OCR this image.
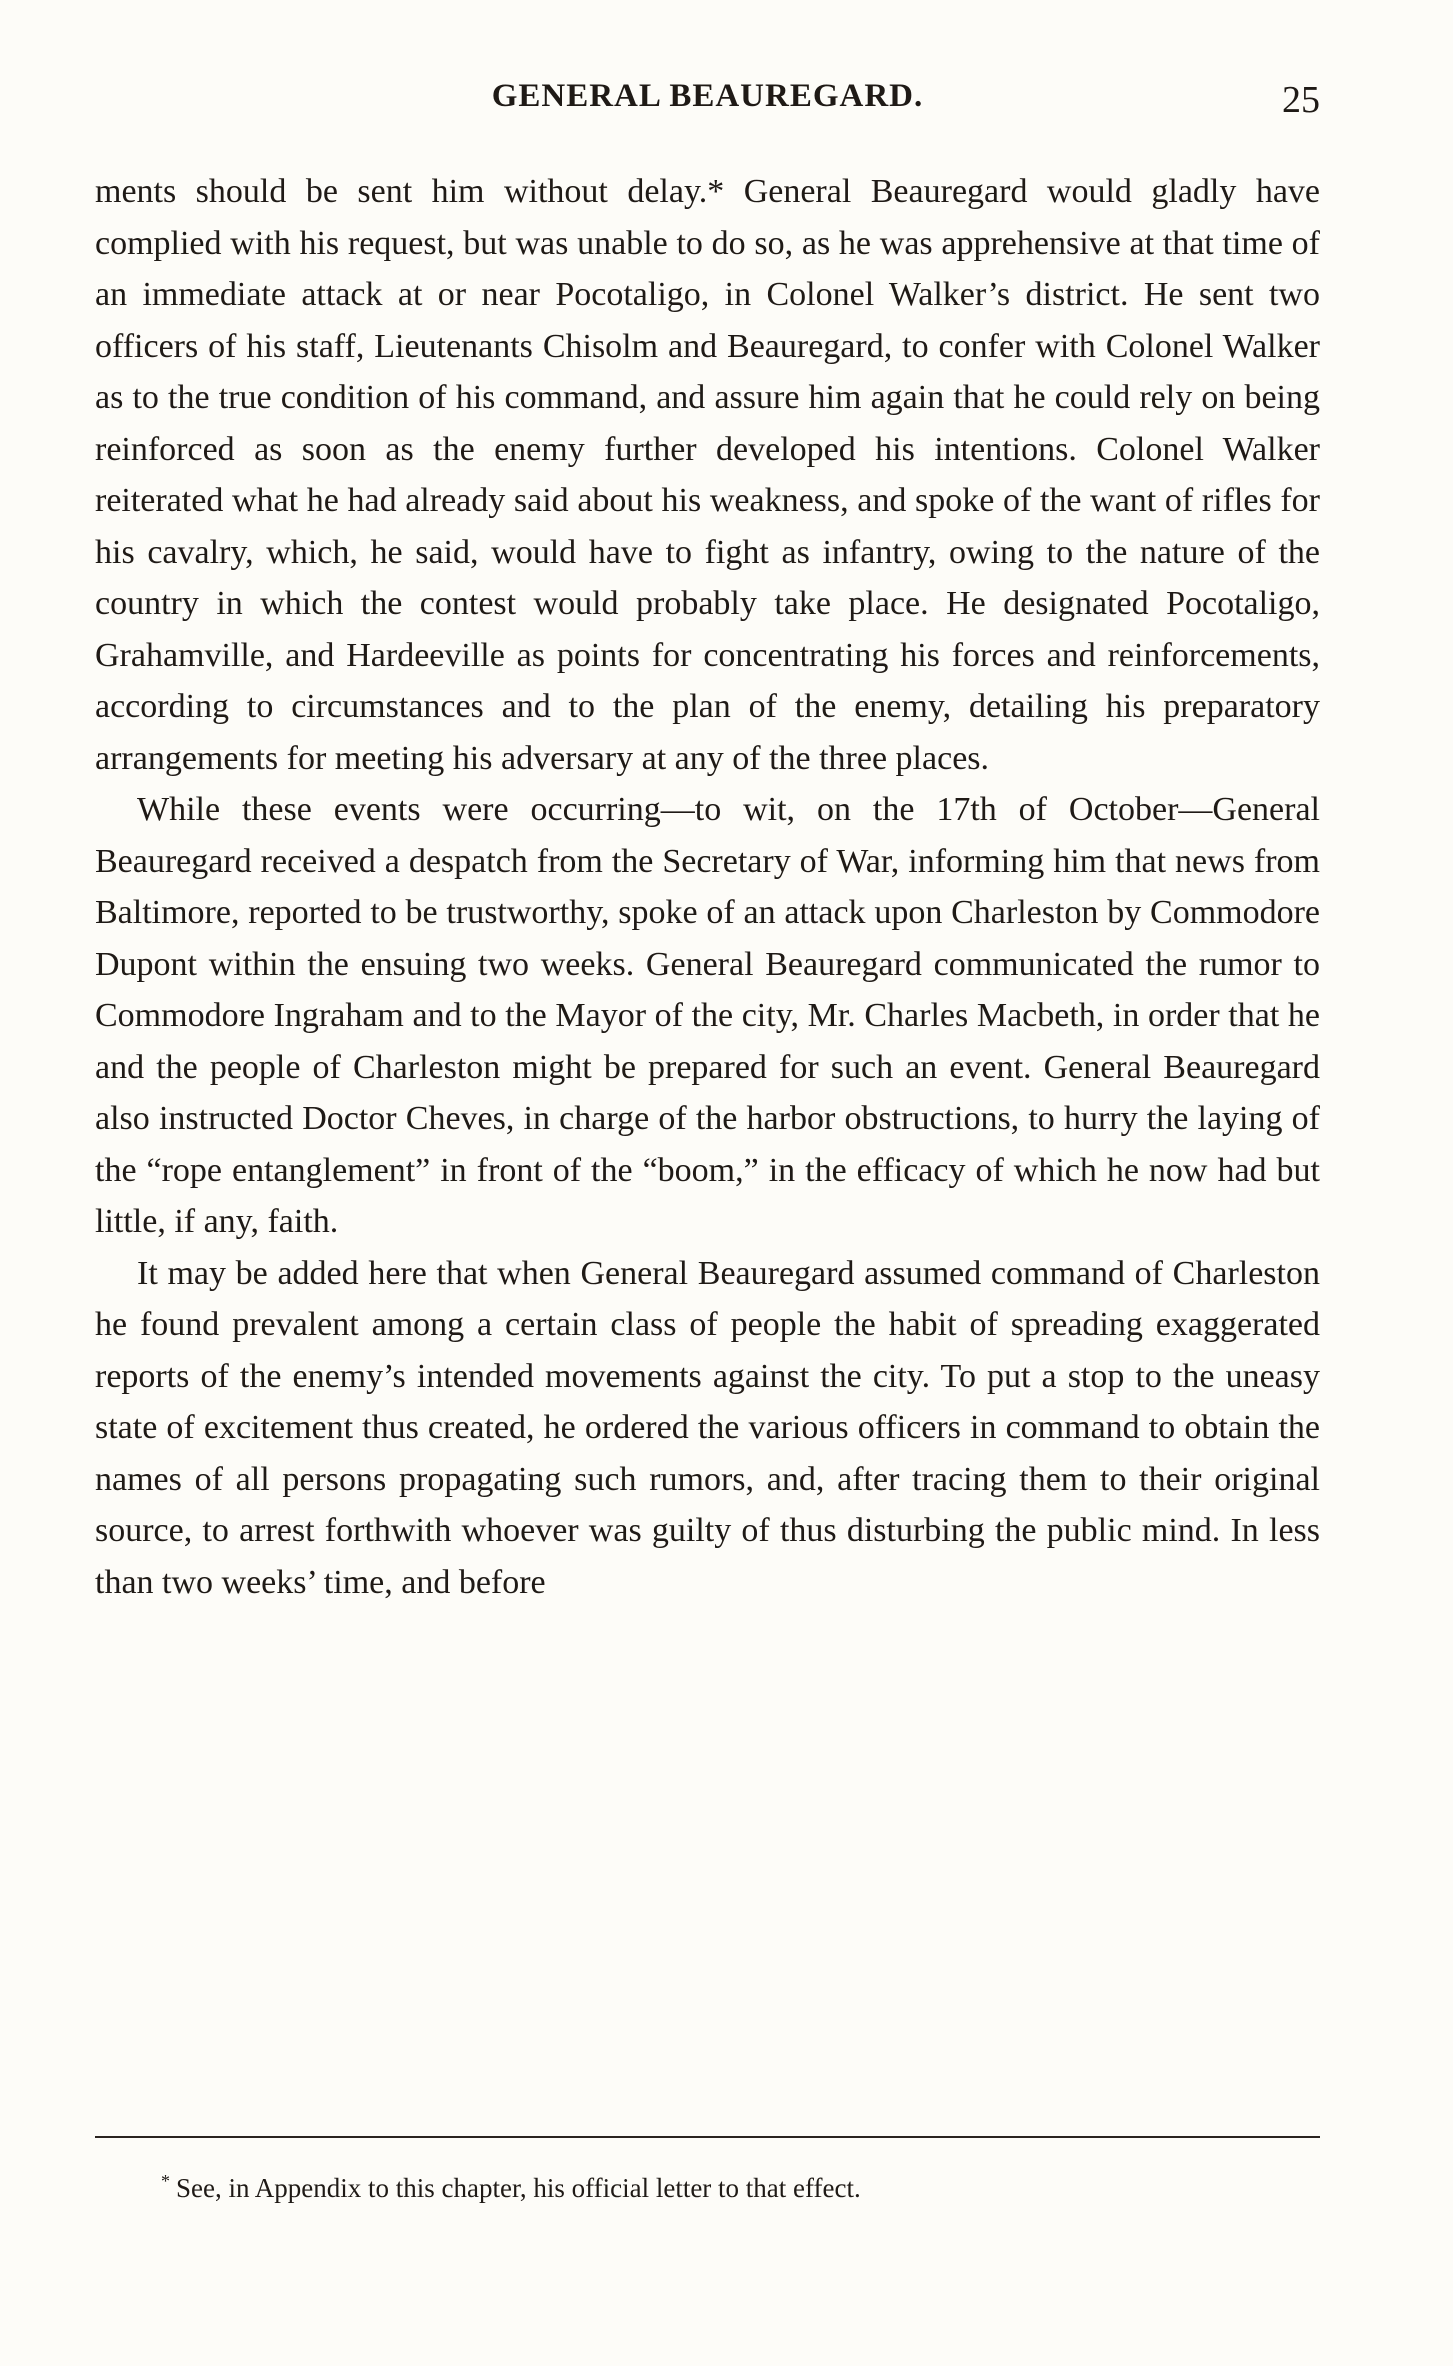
GENERAL BEAUREGARD.	25

ments should be sent him without delay.* General Beauregard would gladly have complied with his request, but was unable to do so, as he was apprehensive at that time of an immediate attack at or near Pocotaligo, in Colonel Walker’s district. He sent two officers of his staff, Lieutenants Chisolm and Beauregard, to confer with Colonel Walker as to the true condition of his command, and assure him again that he could rely on being reinforced as soon as the enemy further developed his intentions. Colonel Walker reiterated what he had already said about his weakness, and spoke of the want of rifles for his cavalry, which, he said, would have to fight as infantry, owing to the nature of the country in which the contest would probably take place. He designated Pocotaligo, Grahamville, and Hardeeville as points for concentrating his forces and reinforcements, according to circumstances and to the plan of the enemy, detailing his preparatory arrangements for meeting his adversary at any of the three places.

While these events were occurring—to wit, on the 17th of October—General Beauregard received a despatch from the Secretary of War, informing him that news from Baltimore, reported to be trustworthy, spoke of an attack upon Charleston by Commodore Dupont within the ensuing two weeks. General Beauregard communicated the rumor to Commodore Ingraham and to the Mayor of the city, Mr. Charles Macbeth, in order that he and the people of Charleston might be prepared for such an event. General Beauregard also instructed Doctor Cheves, in charge of the harbor obstructions, to hurry the laying of the “rope entanglement” in front of the “boom,” in the efficacy of which he now had but little, if any, faith.

It may be added here that when General Beauregard assumed command of Charleston he found prevalent among a certain class of people the habit of spreading exaggerated reports of the enemy’s intended movements against the city. To put a stop to the uneasy state of excitement thus created, he ordered the various officers in command to obtain the names of all persons propagating such rumors, and, after tracing them to their original source, to arrest forthwith whoever was guilty of thus disturbing the public mind. In less than two weeks’ time, and before

* See, in Appendix to this chapter, his official letter to that effect.
